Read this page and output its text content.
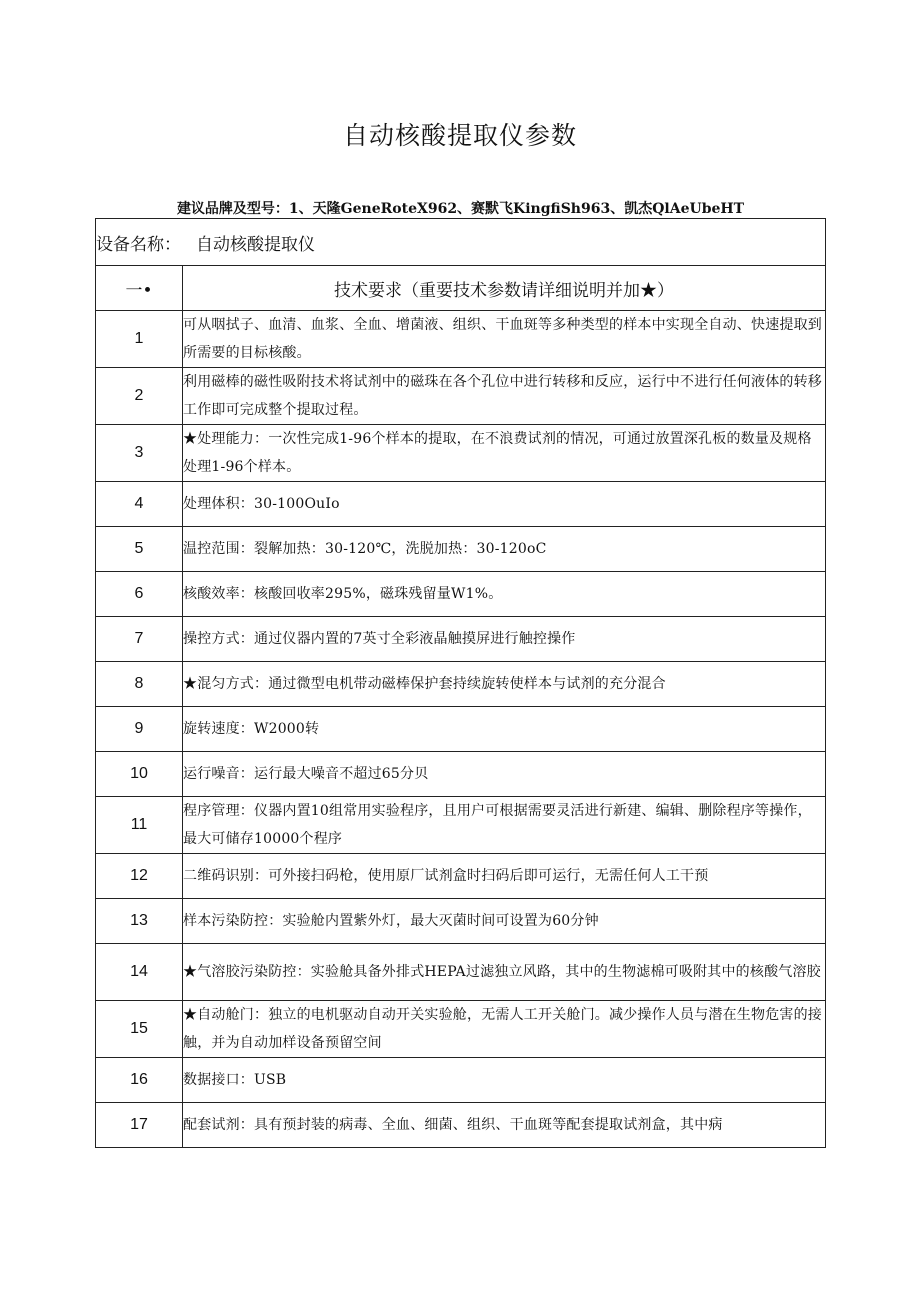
自动核酸提取仪参数
建议品牌及型号：1、天隆GeneRoteX962、赛默飞KingfiSh963、凯杰QlAeUbeHT
设备名称： 自动核酸提取仪	
一•	技术要求（重要技术参数请详细说明并加★）
1	可从咽拭子、血清、血浆、全血、增菌液、组织、干血斑等多种类型的样本中实现全自动、快速提取到所需要的目标核酸。
2	利用磁棒的磁性吸附技术将试剂中的磁珠在各个孔位中进行转移和反应，运行中不进行任何液体的转移工作即可完成整个提取过程。
3	★处理能力：一次性完成1-96个样本的提取，在不浪费试剂的情况，可通过放置深孔板的数量及规格处理1-96个样本。
4	处理体积：30-100OuIo
5	温控范围：裂解加热：30-120℃，洗脱加热：30-120oC
6	核酸效率：核酸回收率295%，磁珠残留量W1%。
7	操控方式：通过仪器内置的7英寸全彩液晶触摸屏进行触控操作
8	★混匀方式：通过微型电机带动磁棒保护套持续旋转使样本与试剂的充分混合
9	旋转速度：W2000转
10	运行噪音：运行最大噪音不超过65分贝
11	程序管理：仪器内置10组常用实验程序，且用户可根据需要灵活进行新建、编辑、删除程序等操作，最大可储存10000个程序
12	二维码识别：可外接扫码枪，使用原厂试剂盒时扫码后即可运行，无需任何人工干预
13	样本污染防控：实验舱内置紫外灯，最大灭菌时间可设置为60分钟
14	★气溶胶污染防控：实验舱具备外排式HEPA过滤独立风路，其中的生物滤棉可吸附其中的核酸气溶胶
15	★自动舱门：独立的电机驱动自动开关实验舱，无需人工开关舱门。减少操作人员与潜在生物危害的接触，并为自动加样设备预留空间
16	数据接口：USB
17	配套试剂：具有预封装的病毒、全血、细菌、组织、干血斑等配套提取试剂盒，其中病
